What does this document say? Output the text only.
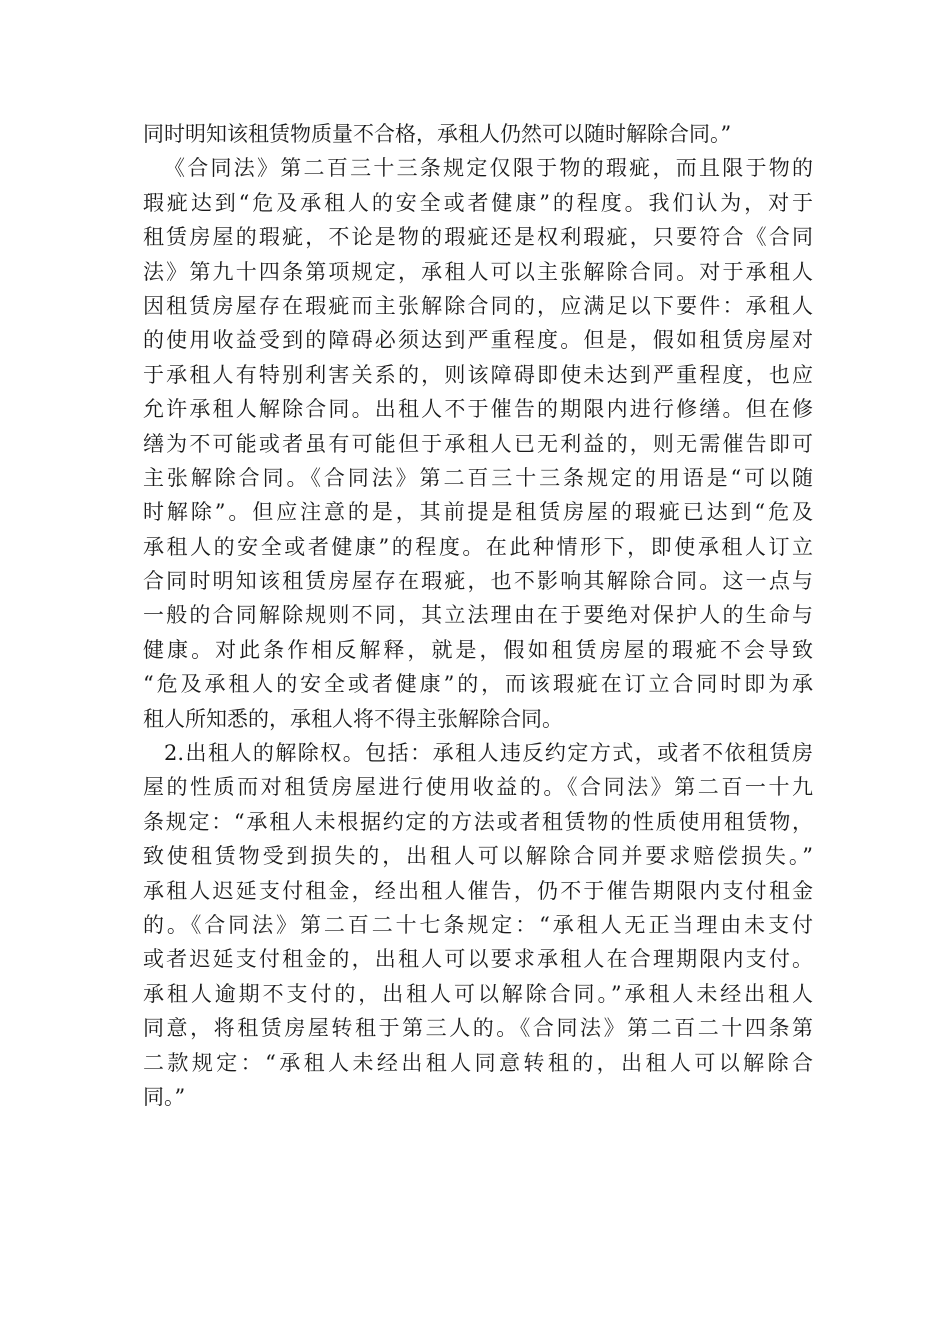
同时明知该租赁物质量不合格，承租人仍然可以随时解除合同。”
《合同法》第二百三十三条规定仅限于物的瑕疵，而且限于物的
瑕疵达到“危及承租人的安全或者健康”的程度。我们认为，对于
租赁房屋的瑕疵，不论是物的瑕疵还是权利瑕疵，只要符合《合同
法》第九十四条第项规定，承租人可以主张解除合同。对于承租人
因租赁房屋存在瑕疵而主张解除合同的，应满足以下要件：承租人
的使用收益受到的障碍必须达到严重程度。但是，假如租赁房屋对
于承租人有特别利害关系的，则该障碍即使未达到严重程度，也应
允许承租人解除合同。出租人不于催告的期限内进行修缮。但在修
缮为不可能或者虽有可能但于承租人已无利益的，则无需催告即可
主张解除合同。《合同法》第二百三十三条规定的用语是“可以随
时解除”。但应注意的是，其前提是租赁房屋的瑕疵已达到“危及
承租人的安全或者健康”的程度。在此种情形下，即使承租人订立
合同时明知该租赁房屋存在瑕疵，也不影响其解除合同。这一点与
一般的合同解除规则不同，其立法理由在于要绝对保护人的生命与
健康。对此条作相反解释，就是，假如租赁房屋的瑕疵不会导致
“危及承租人的安全或者健康”的，而该瑕疵在订立合同时即为承
租人所知悉的，承租人将不得主张解除合同。
2.出租人的解除权。包括：承租人违反约定方式，或者不依租赁房
屋的性质而对租赁房屋进行使用收益的。《合同法》第二百一十九
条规定：“承租人未根据约定的方法或者租赁物的性质使用租赁物，
致使租赁物受到损失的，出租人可以解除合同并要求赔偿损失。”
承租人迟延支付租金，经出租人催告，仍不于催告期限内支付租金
的。《合同法》第二百二十七条规定：“承租人无正当理由未支付
或者迟延支付租金的，出租人可以要求承租人在合理期限内支付。
承租人逾期不支付的，出租人可以解除合同。”承租人未经出租人
同意，将租赁房屋转租于第三人的。《合同法》第二百二十四条第
二款规定：“承租人未经出租人同意转租的，出租人可以解除合
同。”
